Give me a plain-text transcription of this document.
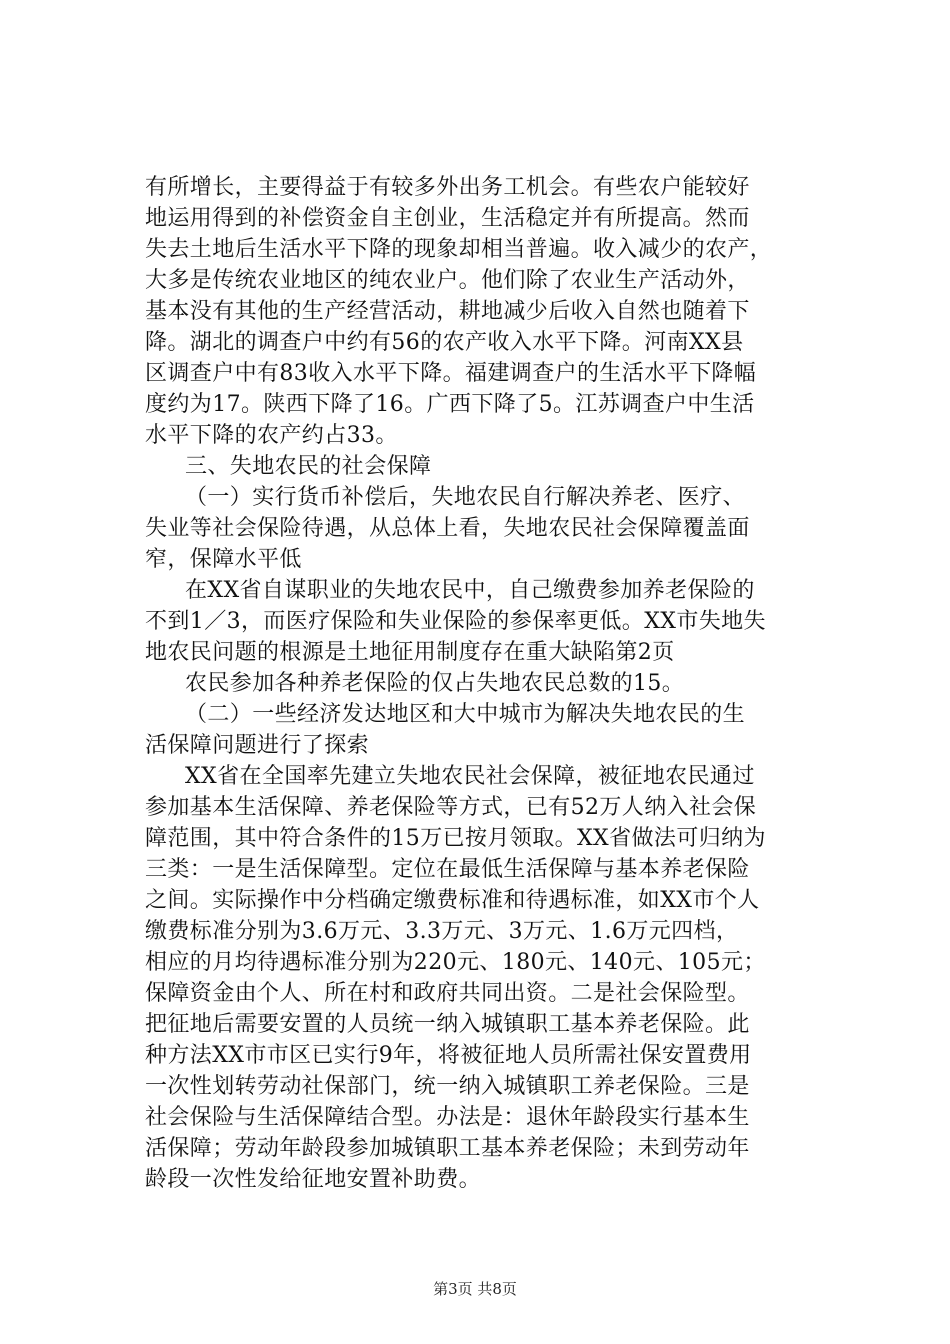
有所增长，主要得益于有较多外出务工机会。有些农户能较好
地运用得到的补偿资金自主创业，生活稳定并有所提高。然而
失去土地后生活水平下降的现象却相当普遍。收入减少的农产，
大多是传统农业地区的纯农业户。他们除了农业生产活动外，
基本没有其他的生产经营活动，耕地减少后收入自然也随着下
降。湖北的调查户中约有56的农产收入水平下降。河南XX县
区调查户中有83收入水平下降。福建调查户的生活水平下降幅
度约为17。陕西下降了16。广西下降了5。江苏调查户中生活
水平下降的农产约占33。
三、失地农民的社会保障
（一）实行货币补偿后，失地农民自行解决养老、医疗、
失业等社会保险待遇，从总体上看，失地农民社会保障覆盖面
窄，保障水平低
在XX省自谋职业的失地农民中，自己缴费参加养老保险的
不到1／3，而医疗保险和失业保险的参保率更低。XX市失地失
地农民问题的根源是土地征用制度存在重大缺陷第2页
农民参加各种养老保险的仅占失地农民总数的15。
（二）一些经济发达地区和大中城市为解决失地农民的生
活保障问题进行了探索
XX省在全国率先建立失地农民社会保障，被征地农民通过
参加基本生活保障、养老保险等方式，已有52万人纳入社会保
障范围，其中符合条件的15万已按月领取。XX省做法可归纳为
三类：一是生活保障型。定位在最低生活保障与基本养老保险
之间。实际操作中分档确定缴费标准和待遇标准，如XX市个人
缴费标准分别为3.6万元、3.3万元、3万元、1.6万元四档，
相应的月均待遇标准分别为220元、180元、140元、105元；
保障资金由个人、所在村和政府共同出资。二是社会保险型。
把征地后需要安置的人员统一纳入城镇职工基本养老保险。此
种方法XX市市区已实行9年，将被征地人员所需社保安置费用
一次性划转劳动社保部门，统一纳入城镇职工养老保险。三是
社会保险与生活保障结合型。办法是：退休年龄段实行基本生
活保障；劳动年龄段参加城镇职工基本养老保险；未到劳动年
龄段一次性发给征地安置补助费。
第3页 共8页
